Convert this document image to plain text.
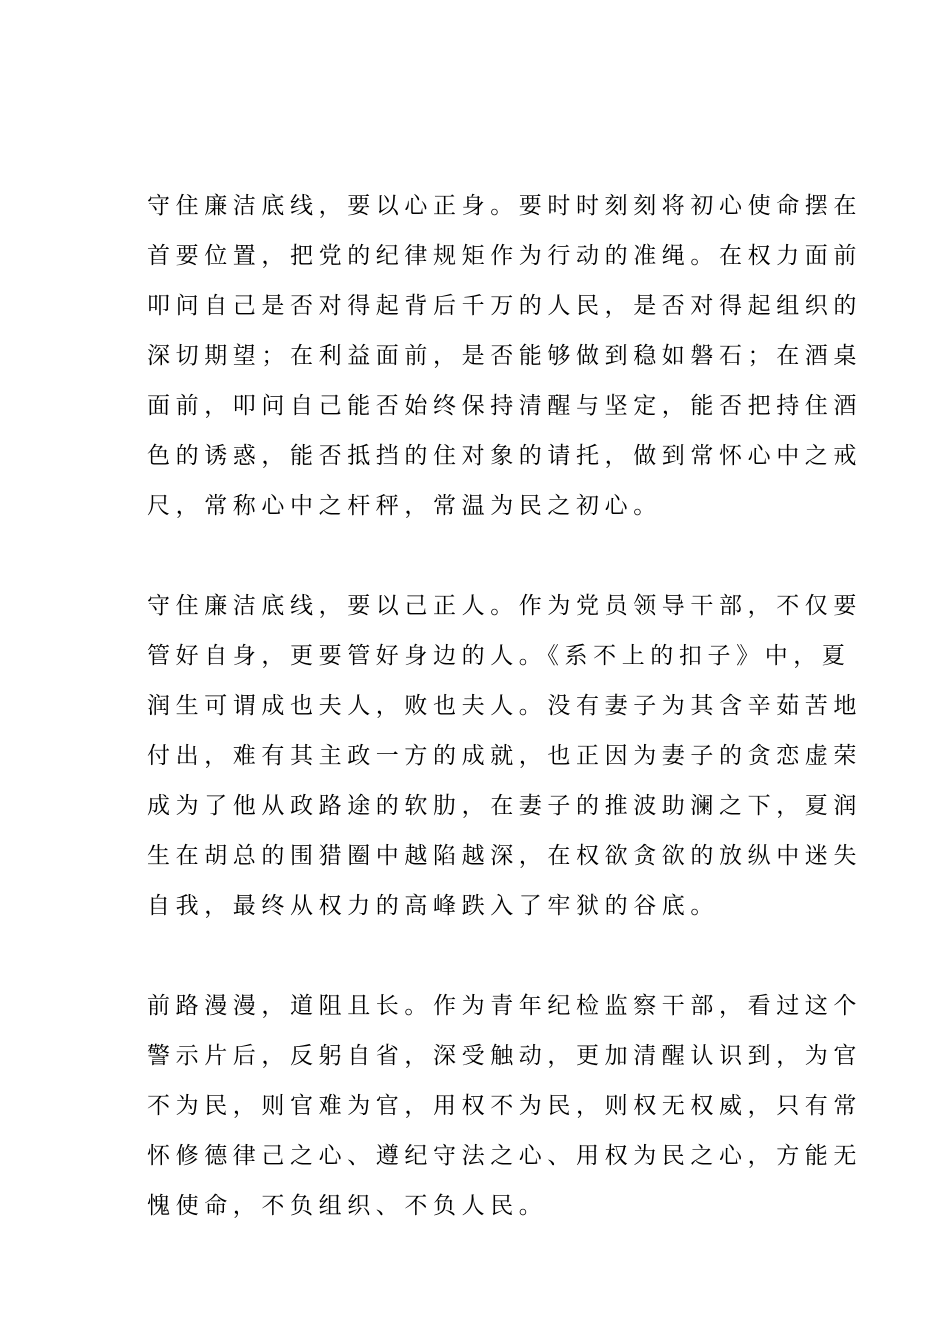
守住廉洁底线，要以心正身。要时时刻刻将初心使命摆在
首要位置，把党的纪律规矩作为行动的准绳。在权力面前
叩问自己是否对得起背后千万的人民，是否对得起组织的
深切期望；在利益面前，是否能够做到稳如磐石；在酒桌
面前，叩问自己能否始终保持清醒与坚定，能否把持住酒
色的诱惑，能否抵挡的住对象的请托，做到常怀心中之戒
尺，常称心中之杆秤，常温为民之初心。
守住廉洁底线，要以己正人。作为党员领导干部，不仅要
管好自身，更要管好身边的人。《系不上的扣子》中，夏
润生可谓成也夫人，败也夫人。没有妻子为其含辛茹苦地
付出，难有其主政一方的成就，也正因为妻子的贪恋虚荣
成为了他从政路途的软肋，在妻子的推波助澜之下，夏润
生在胡总的围猎圈中越陷越深，在权欲贪欲的放纵中迷失
自我，最终从权力的高峰跌入了牢狱的谷底。
前路漫漫，道阻且长。作为青年纪检监察干部，看过这个
警示片后，反躬自省，深受触动，更加清醒认识到，为官
不为民，则官难为官，用权不为民，则权无权威，只有常
怀修德律己之心、遵纪守法之心、用权为民之心，方能无
愧使命，不负组织、不负人民。
